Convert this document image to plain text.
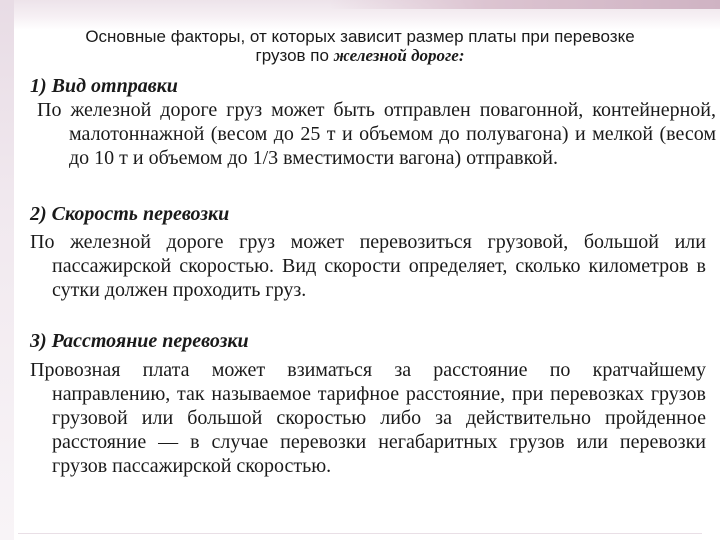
Основные факторы, от которых зависит размер платы при перевозке
грузов по железной дороге:
1) Вид отправки
По железной дороге груз может быть отправлен повагонной, контейнерной, малотоннажной (весом до 25 т и объемом до полувагона) и мелкой (весом до 10 т и объемом до 1/3 вместимости вагона) отправкой.
2) Скорость перевозки
По железной дороге груз может перевозиться грузовой, большой или пассажирской скоростью. Вид скорости определяет, сколько километров в сутки должен проходить груз.
3) Расстояние перевозки
Провозная плата может взиматься за расстояние по кратчайшему направлению, так называемое тарифное расстояние, при перевозках грузов грузовой или большой скоростью либо за действительно пройденное расстояние — в случае перевозки негабаритных грузов или перевозки грузов пассажирской скоростью.
